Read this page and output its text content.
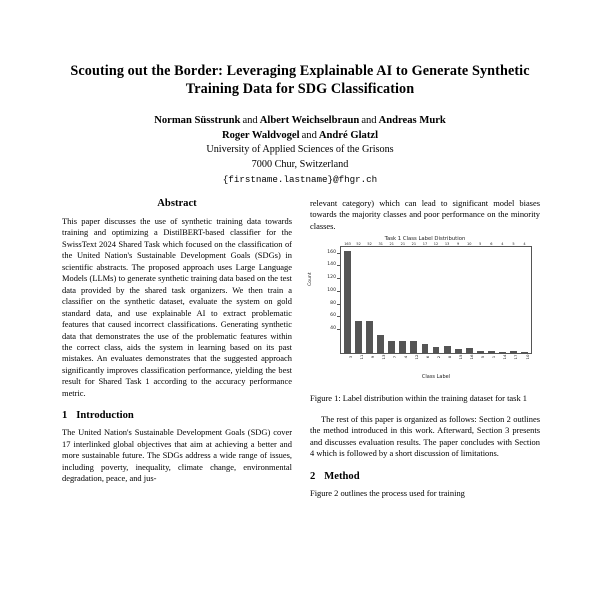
Scouting out the Border: Leveraging Explainable AI to Generate Synthetic Training Data for SDG Classification

Norman Süsstrunk and Albert Weichselbraun and Andreas Murk

Roger Waldvogel and André Glatzl

University of Applied Sciences of the Grisons

7000 Chur, Switzerland

{firstname.lastname}@fhgr.ch

Abstract

This paper discusses the use of synthetic training data towards training and optimizing a DistilBERT-based classifier for the SwissText 2024 Shared Task which focused on the classification of the United Nation's Sustainable Development Goals (SDGs) in scientific abstracts. The proposed approach uses Large Language Models (LLMs) to generate synthetic training data based on the test data provided by the shared task organizers. We then train a classifier on the synthetic dataset, evaluate the system on gold standard data, and use explainable AI to extract problematic features that caused incorrect classifications. Generating synthetic data that demonstrates the use of the problematic features within the correct class, aids the system in learning based on its past mistakes. An evaluates demonstrates that the suggested approach significantly improves classification performance, yielding the best result for Shared Task 1 according to the accuracy performance metric.

1 Introduction

The United Nation's Sustainable Development Goals (SDG) cover 17 interlinked global objectives that aim at achieving a better and more sustainable future. The SDGs address a wide range of issues, including poverty, inequality, climate change, environmental degradation, peace, and jus-

relevant category) which can lead to significant model biases towards the majority classes and poor performance on the minority classes.

Task 1 Class Label Distribution
Count
40
60
80
100
120
140
160
163 52 52 31 21 21 21 17 12 13 9 10 5	6	4	5	4
3 11 9 13 7 4 12 6 2 8 15 16 5 1 14 17 10
Class Label

Figure 1: Label distribution within the training dataset for task 1

The rest of this paper is organized as follows: Section 2 outlines the method introduced in this work. Afterward, Section 3 presents and discusses evaluation results. The paper concludes with Section 4 which is followed by a short discussion of limitations.

2 Method

Figure 2 outlines the process used for training
